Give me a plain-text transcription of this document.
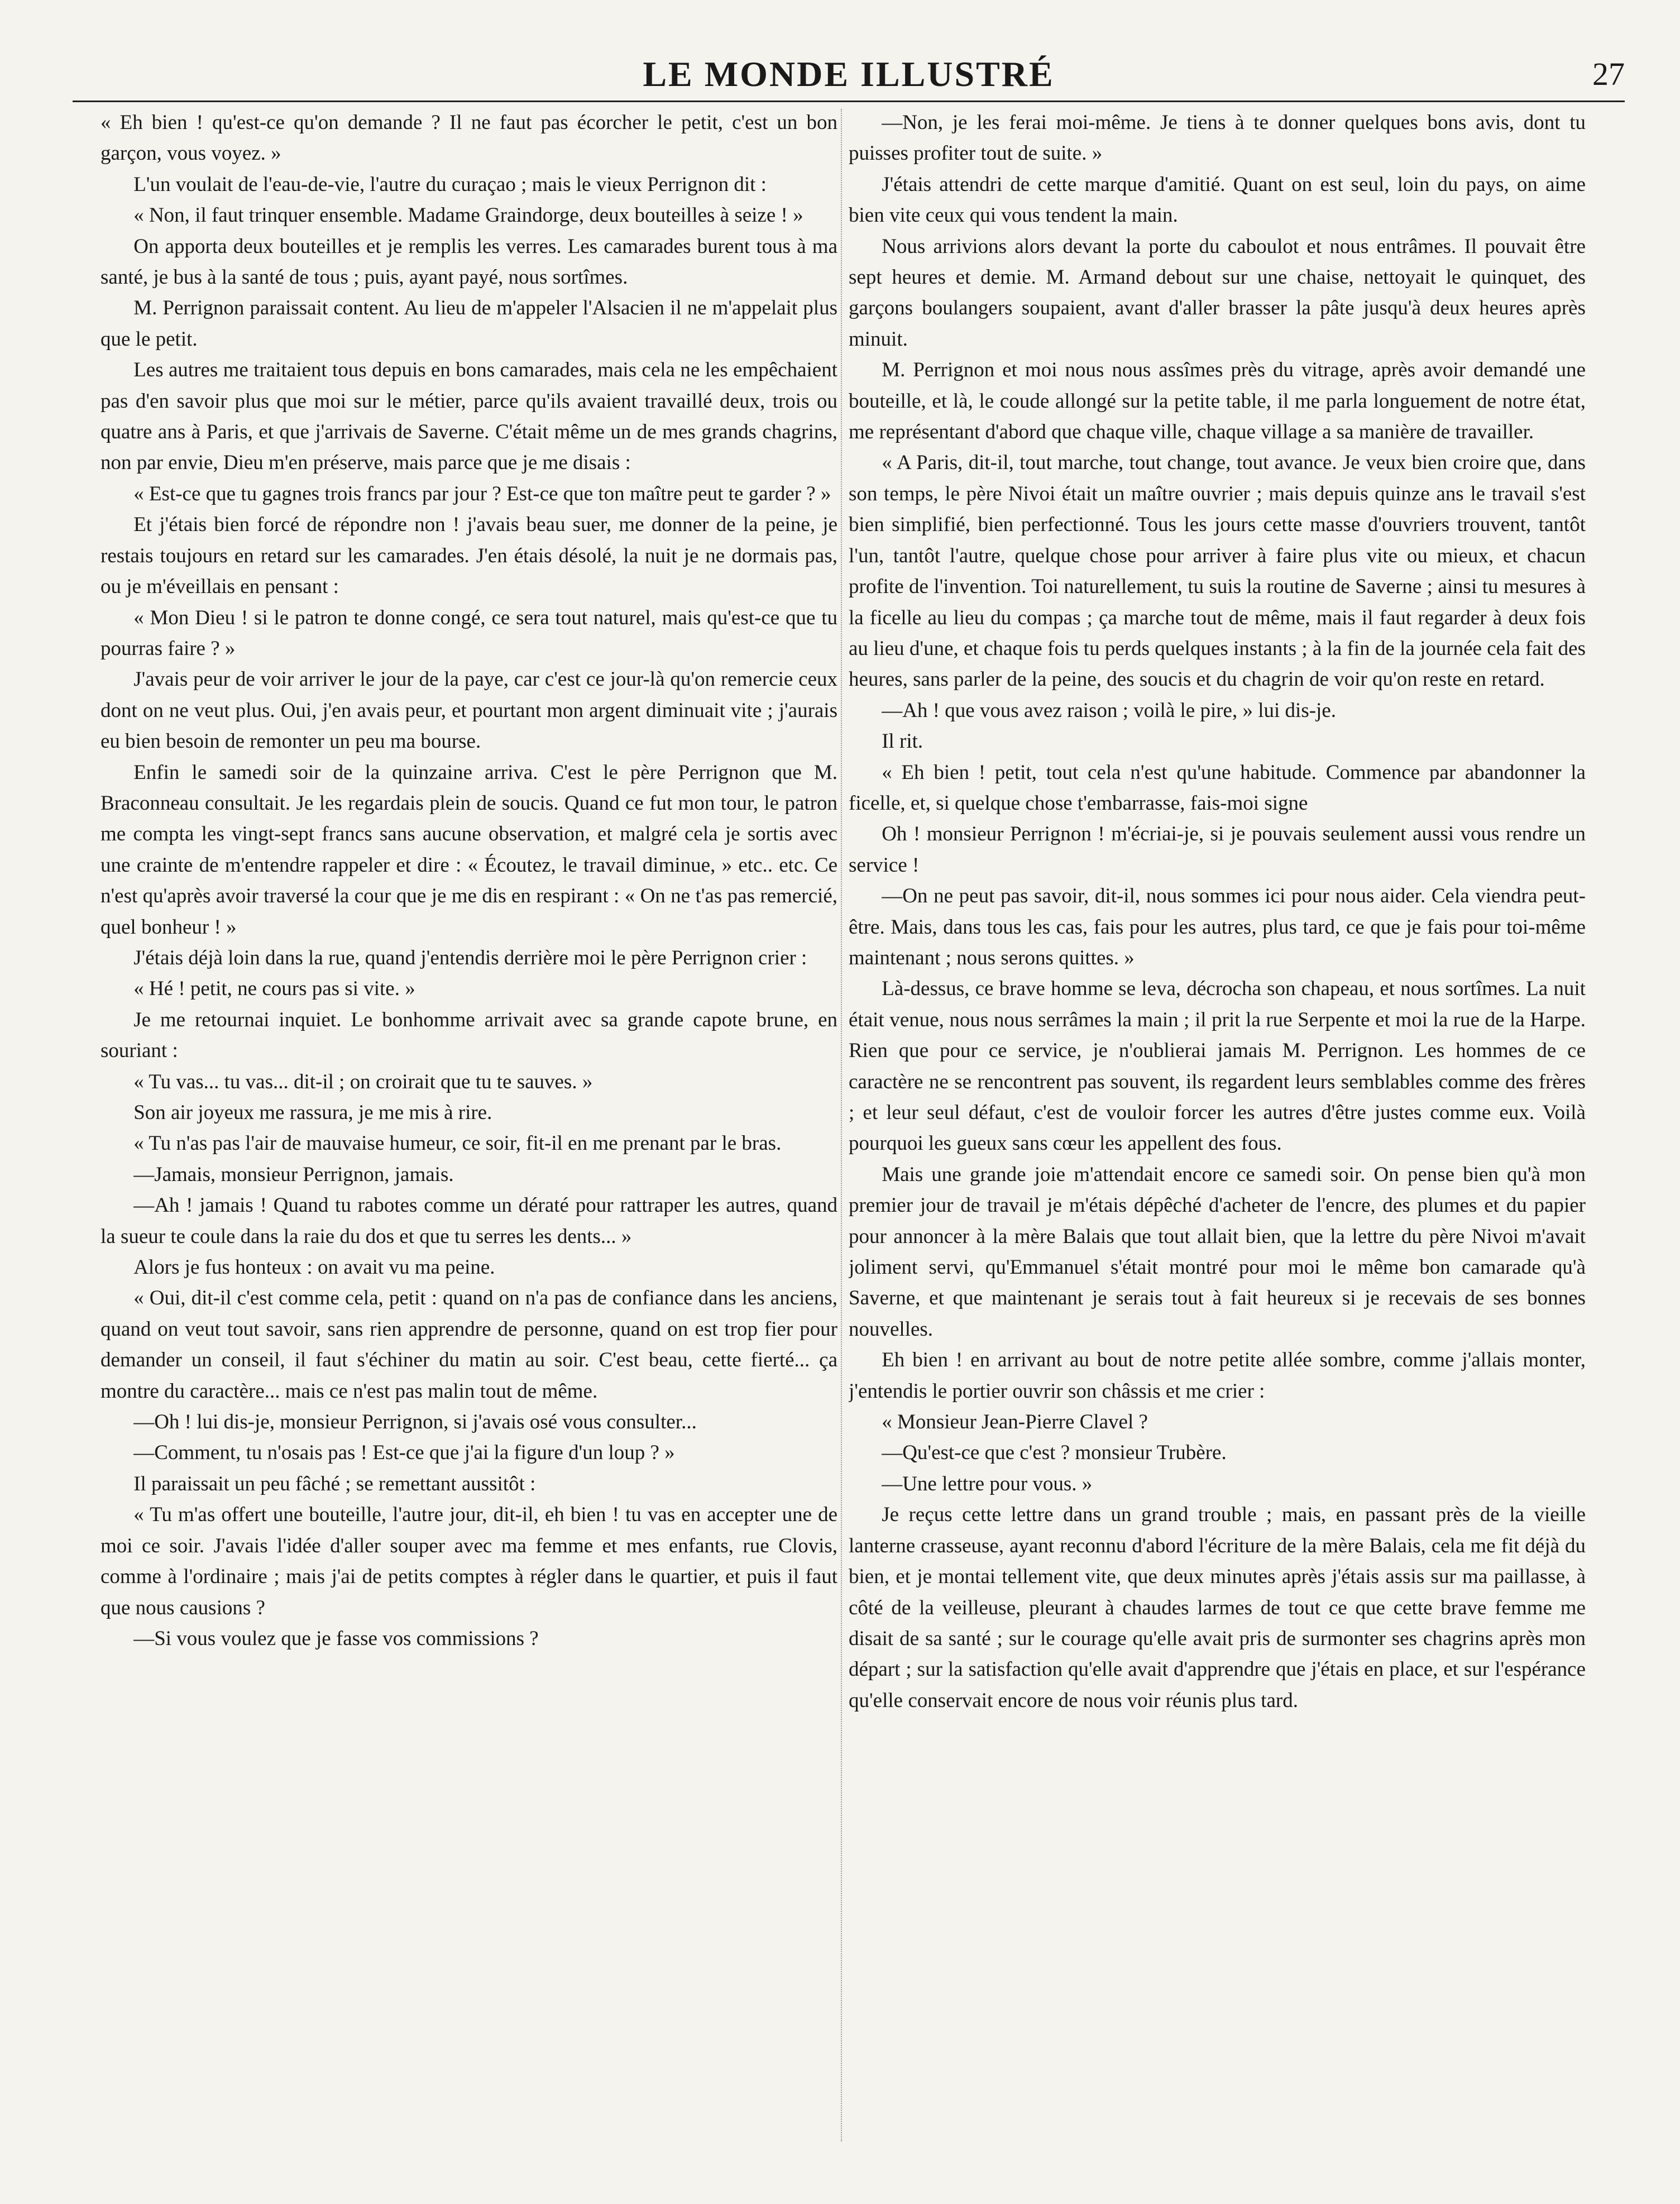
LE MONDE ILLUSTRÉ	27

« Eh bien ! qu'est-ce qu'on demande ? Il ne faut pas écorcher le petit, c'est un bon garçon, vous voyez. »

L'un voulait de l'eau-de-vie, l'autre du curaçao ; mais le vieux Perrignon dit :

« Non, il faut trinquer ensemble. Madame Graindorge, deux bouteilles à seize ! »

On apporta deux bouteilles et je remplis les verres. Les camarades burent tous à ma santé, je bus à la santé de tous ; puis, ayant payé, nous sortîmes.

M. Perrignon paraissait content. Au lieu de m'appeler l'Alsacien il ne m'appelait plus que le petit.

Les autres me traitaient tous depuis en bons camarades, mais cela ne les empêchaient pas d'en savoir plus que moi sur le métier, parce qu'ils avaient travaillé deux, trois ou quatre ans à Paris, et que j'arrivais de Saverne. C'était même un de mes grands chagrins, non par envie, Dieu m'en préserve, mais parce que je me disais :

« Est-ce que tu gagnes trois francs par jour ? Est-ce que ton maître peut te garder ? »

Et j'étais bien forcé de répondre non ! j'avais beau suer, me donner de la peine, je restais toujours en retard sur les camarades. J'en étais désolé, la nuit je ne dormais pas, ou je m'éveillais en pensant :

« Mon Dieu ! si le patron te donne congé, ce sera tout naturel, mais qu'est-ce que tu pourras faire ? »

J'avais peur de voir arriver le jour de la paye, car c'est ce jour-là qu'on remercie ceux dont on ne veut plus. Oui, j'en avais peur, et pourtant mon argent diminuait vite ; j'aurais eu bien besoin de remonter un peu ma bourse.

Enfin le samedi soir de la quinzaine arriva. C'est le père Perrignon que M. Braconneau consultait. Je les regardais plein de soucis. Quand ce fut mon tour, le patron me compta les vingt-sept francs sans aucune observation, et malgré cela je sortis avec une crainte de m'entendre rappeler et dire : « Écoutez, le travail diminue, » etc.. etc. Ce n'est qu'après avoir traversé la cour que je me dis en respirant : « On ne t'as pas remercié, quel bonheur ! »

J'étais déjà loin dans la rue, quand j'entendis derrière moi le père Perrignon crier :

« Hé ! petit, ne cours pas si vite. »

Je me retournai inquiet. Le bonhomme arrivait avec sa grande capote brune, en souriant :

« Tu vas... tu vas... dit-il ; on croirait que tu te sauves. »

Son air joyeux me rassura, je me mis à rire.

« Tu n'as pas l'air de mauvaise humeur, ce soir, fit-il en me prenant par le bras.

—Jamais, monsieur Perrignon, jamais.

—Ah ! jamais ! Quand tu rabotes comme un dératé pour rattraper les autres, quand la sueur te coule dans la raie du dos et que tu serres les dents... »

Alors je fus honteux : on avait vu ma peine.

« Oui, dit-il c'est comme cela, petit : quand on n'a pas de confiance dans les anciens, quand on veut tout savoir, sans rien apprendre de personne, quand on est trop fier pour demander un conseil, il faut s'échiner du matin au soir. C'est beau, cette fierté... ça montre du caractère... mais ce n'est pas malin tout de même.

—Oh ! lui dis-je, monsieur Perrignon, si j'avais osé vous consulter...

—Comment, tu n'osais pas ! Est-ce que j'ai la figure d'un loup ? »

Il paraissait un peu fâché ; se remettant aussitôt :

« Tu m'as offert une bouteille, l'autre jour, dit-il, eh bien ! tu vas en accepter une de moi ce soir. J'avais l'idée d'aller souper avec ma femme et mes enfants, rue Clovis, comme à l'ordinaire ; mais j'ai de petits comptes à régler dans le quartier, et puis il faut que nous causions ?

—Si vous voulez que je fasse vos commissions ?

—Non, je les ferai moi-même. Je tiens à te donner quelques bons avis, dont tu puisses profiter tout de suite. »

J'étais attendri de cette marque d'amitié. Quant on est seul, loin du pays, on aime bien vite ceux qui vous tendent la main.

Nous arrivions alors devant la porte du caboulot et nous entrâmes. Il pouvait être sept heures et demie. M. Armand debout sur une chaise, nettoyait le quinquet, des garçons boulangers soupaient, avant d'aller brasser la pâte jusqu'à deux heures après minuit.

M. Perrignon et moi nous nous assîmes près du vitrage, après avoir demandé une bouteille, et là, le coude allongé sur la petite table, il me parla longuement de notre état, me représentant d'abord que chaque ville, chaque village a sa manière de travailler.

« A Paris, dit-il, tout marche, tout change, tout avance. Je veux bien croire que, dans son temps, le père Nivoi était un maître ouvrier ; mais depuis quinze ans le travail s'est bien simplifié, bien perfectionné. Tous les jours cette masse d'ouvriers trouvent, tantôt l'un, tantôt l'autre, quelque chose pour arriver à faire plus vite ou mieux, et chacun profite de l'invention. Toi naturellement, tu suis la routine de Saverne ; ainsi tu mesures à la ficelle au lieu du compas ; ça marche tout de même, mais il faut regarder à deux fois au lieu d'une, et chaque fois tu perds quelques instants ; à la fin de la journée cela fait des heures, sans parler de la peine, des soucis et du chagrin de voir qu'on reste en retard.

—Ah ! que vous avez raison ; voilà le pire, » lui dis-je.

Il rit.

« Eh bien ! petit, tout cela n'est qu'une habitude. Commence par abandonner la ficelle, et, si quelque chose t'embarrasse, fais-moi signe

Oh ! monsieur Perrignon ! m'écriai-je, si je pouvais seulement aussi vous rendre un service !

—On ne peut pas savoir, dit-il, nous sommes ici pour nous aider. Cela viendra peut-être. Mais, dans tous les cas, fais pour les autres, plus tard, ce que je fais pour toi-même maintenant ; nous serons quittes. »

Là-dessus, ce brave homme se leva, décrocha son chapeau, et nous sortîmes. La nuit était venue, nous nous serrâmes la main ; il prit la rue Serpente et moi la rue de la Harpe. Rien que pour ce service, je n'oublierai jamais M. Perrignon. Les hommes de ce caractère ne se rencontrent pas souvent, ils regardent leurs semblables comme des frères ; et leur seul défaut, c'est de vouloir forcer les autres d'être justes comme eux. Voilà pourquoi les gueux sans cœur les appellent des fous.

Mais une grande joie m'attendait encore ce samedi soir. On pense bien qu'à mon premier jour de travail je m'étais dépêché d'acheter de l'encre, des plumes et du papier pour annoncer à la mère Balais que tout allait bien, que la lettre du père Nivoi m'avait joliment servi, qu'Emmanuel s'était montré pour moi le même bon camarade qu'à Saverne, et que maintenant je serais tout à fait heureux si je recevais de ses bonnes nouvelles.

Eh bien ! en arrivant au bout de notre petite allée sombre, comme j'allais monter, j'entendis le portier ouvrir son châssis et me crier :

« Monsieur Jean-Pierre Clavel ?

—Qu'est-ce que c'est ? monsieur Trubère.

—Une lettre pour vous. »

Je reçus cette lettre dans un grand trouble ; mais, en passant près de la vieille lanterne crasseuse, ayant reconnu d'abord l'écriture de la mère Balais, cela me fit déjà du bien, et je montai tellement vite, que deux minutes après j'étais assis sur ma paillasse, à côté de la veilleuse, pleurant à chaudes larmes de tout ce que cette brave femme me disait de sa santé ; sur le courage qu'elle avait pris de surmonter ses chagrins après mon départ ; sur la satisfaction qu'elle avait d'apprendre que j'étais en place, et sur l'espérance qu'elle conservait encore de nous voir réunis plus tard.
